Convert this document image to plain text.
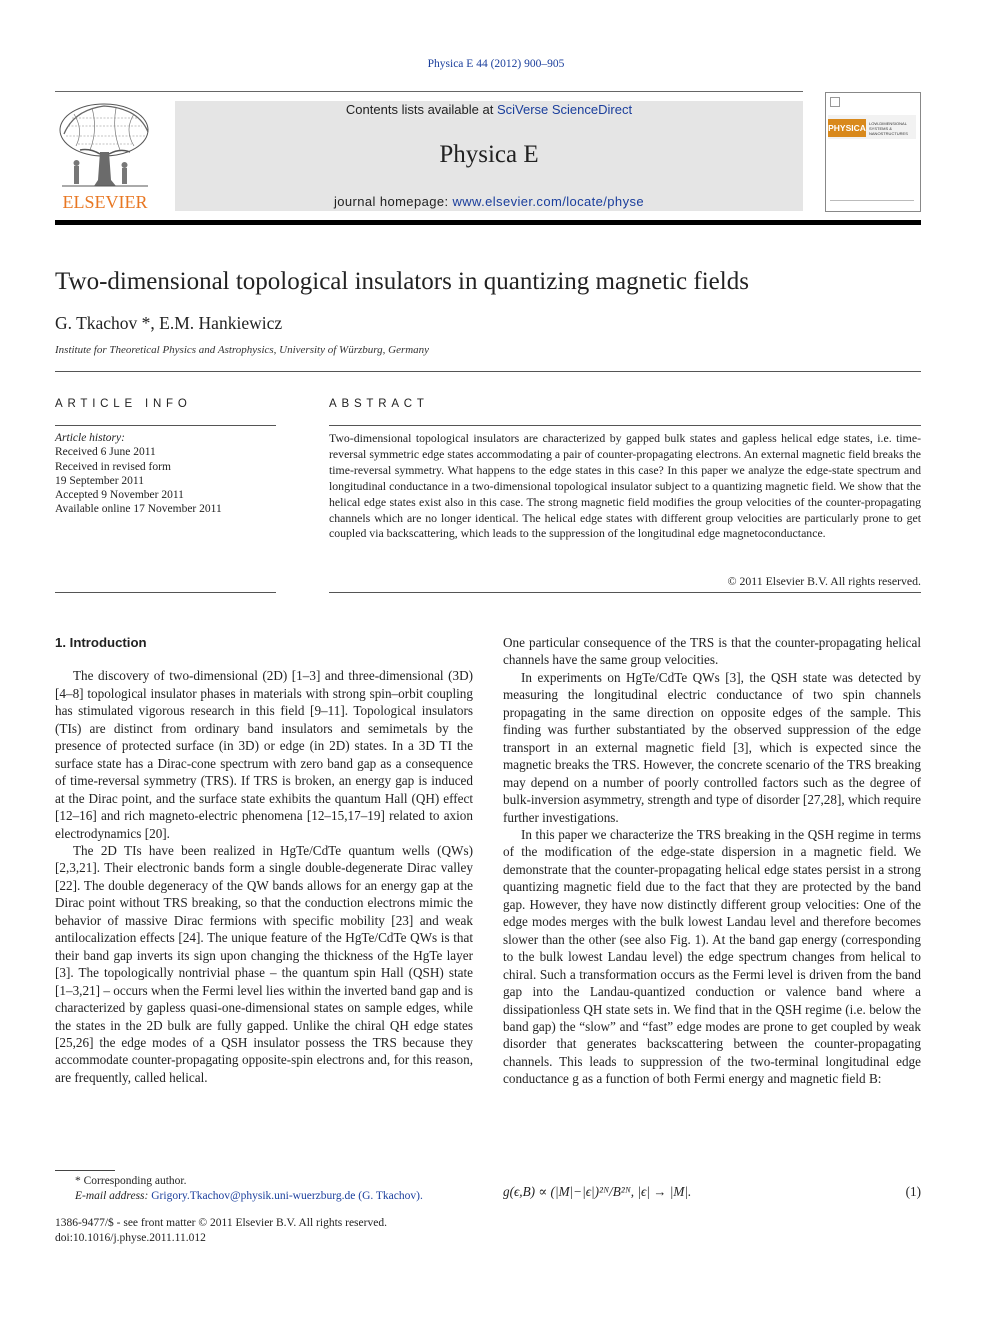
Physica E 44 (2012) 900–905
ELSEVIER
Contents lists available at SciVerse ScienceDirect
Physica E
journal homepage: www.elsevier.com/locate/physe
PHYSICA LOW-DIMENSIONAL SYSTEMS & NANOSTRUCTURES
Two-dimensional topological insulators in quantizing magnetic fields
G. Tkachov *, E.M. Hankiewicz
Institute for Theoretical Physics and Astrophysics, University of Würzburg, Germany
ARTICLE INFO	ABSTRACT
Article history:
Received 6 June 2011
Received in revised form
19 September 2011
Accepted 9 November 2011
Available online 17 November 2011

Two-dimensional topological insulators are characterized by gapped bulk states and gapless helical edge states, i.e. time-reversal symmetric edge states accommodating a pair of counter-propagating electrons. An external magnetic field breaks the time-reversal symmetry. What happens to the edge states in this case? In this paper we analyze the edge-state spectrum and longitudinal conductance in a two-dimensional topological insulator subject to a quantizing magnetic field. We show that the helical edge states exist also in this case. The strong magnetic field modifies the group velocities of the counter-propagating channels which are no longer identical. The helical edge states with different group velocities are particularly prone to get coupled via backscattering, which leads to the suppression of the longitudinal edge magnetoconductance.

© 2011 Elsevier B.V. All rights reserved.

1. Introduction

The discovery of two-dimensional (2D) [1–3] and three-dimensional (3D) [4–8] topological insulator phases in materials with strong spin–orbit coupling has stimulated vigorous research in this field [9–11]. Topological insulators (TIs) are distinct from ordinary band insulators and semimetals by the presence of protected surface (in 3D) or edge (in 2D) states. In a 3D TI the surface state has a Dirac-cone spectrum with zero band gap as a consequence of time-reversal symmetry (TRS). If TRS is broken, an energy gap is induced at the Dirac point, and the surface state exhibits the quantum Hall (QH) effect [12–16] and rich magneto-electric phenomena [12–15,17–19] related to axion electrodynamics [20].

The 2D TIs have been realized in HgTe/CdTe quantum wells (QWs) [2,3,21]. Their electronic bands form a single double-degenerate Dirac valley [22]. The double degeneracy of the QW bands allows for an energy gap at the Dirac point without TRS breaking, so that the conduction electrons mimic the behavior of massive Dirac fermions with specific mobility [23] and weak antilocalization effects [24]. The unique feature of the HgTe/CdTe QWs is that their band gap inverts its sign upon changing the thickness of the HgTe layer [3]. The topologically nontrivial phase – the quantum spin Hall (QSH) state [1–3,21] – occurs when the Fermi level lies within the inverted band gap and is characterized by gapless quasi-one-dimensional states on sample edges, while the states in the 2D bulk are fully gapped. Unlike the chiral QH edge states [25,26] the edge modes of a QSH insulator possess the TRS because they accommodate counter-propagating opposite-spin electrons and, for this reason, are frequently, called helical.

One particular consequence of the TRS is that the counter-propagating helical channels have the same group velocities.

In experiments on HgTe/CdTe QWs [3], the QSH state was detected by measuring the longitudinal electric conductance of two spin channels propagating in the same direction on opposite edges of the sample. This finding was further substantiated by the observed suppression of the edge transport in an external magnetic field [3], which is expected since the magnetic breaks the TRS. However, the concrete scenario of the TRS breaking may depend on a number of poorly controlled factors such as the degree of bulk-inversion asymmetry, strength and type of disorder [27,28], which require further investigations.

In this paper we characterize the TRS breaking in the QSH regime in terms of the modification of the edge-state dispersion in a magnetic field. We demonstrate that the counter-propagating helical edge states persist in a strong quantizing magnetic field due to the fact that they are protected by the band gap. However, they have now distinctly different group velocities: One of the edge modes merges with the bulk lowest Landau level and therefore becomes slower than the other (see also Fig. 1). At the band gap energy (corresponding to the bulk lowest Landau level) the edge spectrum changes from helical to chiral. Such a transformation occurs as the Fermi level is driven from the band gap into the Landau-quantized conduction or valence band where a dissipationless QH state sets in. We find that in the QSH regime (i.e. below the band gap) the “slow” and “fast” edge modes are prone to get coupled by weak disorder that generates backscattering between the counter-propagating channels. This leads to suppression of the two-terminal longitudinal edge conductance g as a function of both Fermi energy and magnetic field B:

g(ϵ,B) ∝ (|M|−|ϵ|)²ᴺ/B²ᴺ, |ϵ| → |M|.	(1)
* Corresponding author.
E-mail address: Grigory.Tkachov@physik.uni-wuerzburg.de (G. Tkachov).
1386-9477/$ - see front matter © 2011 Elsevier B.V. All rights reserved.
doi:10.1016/j.physe.2011.11.012
